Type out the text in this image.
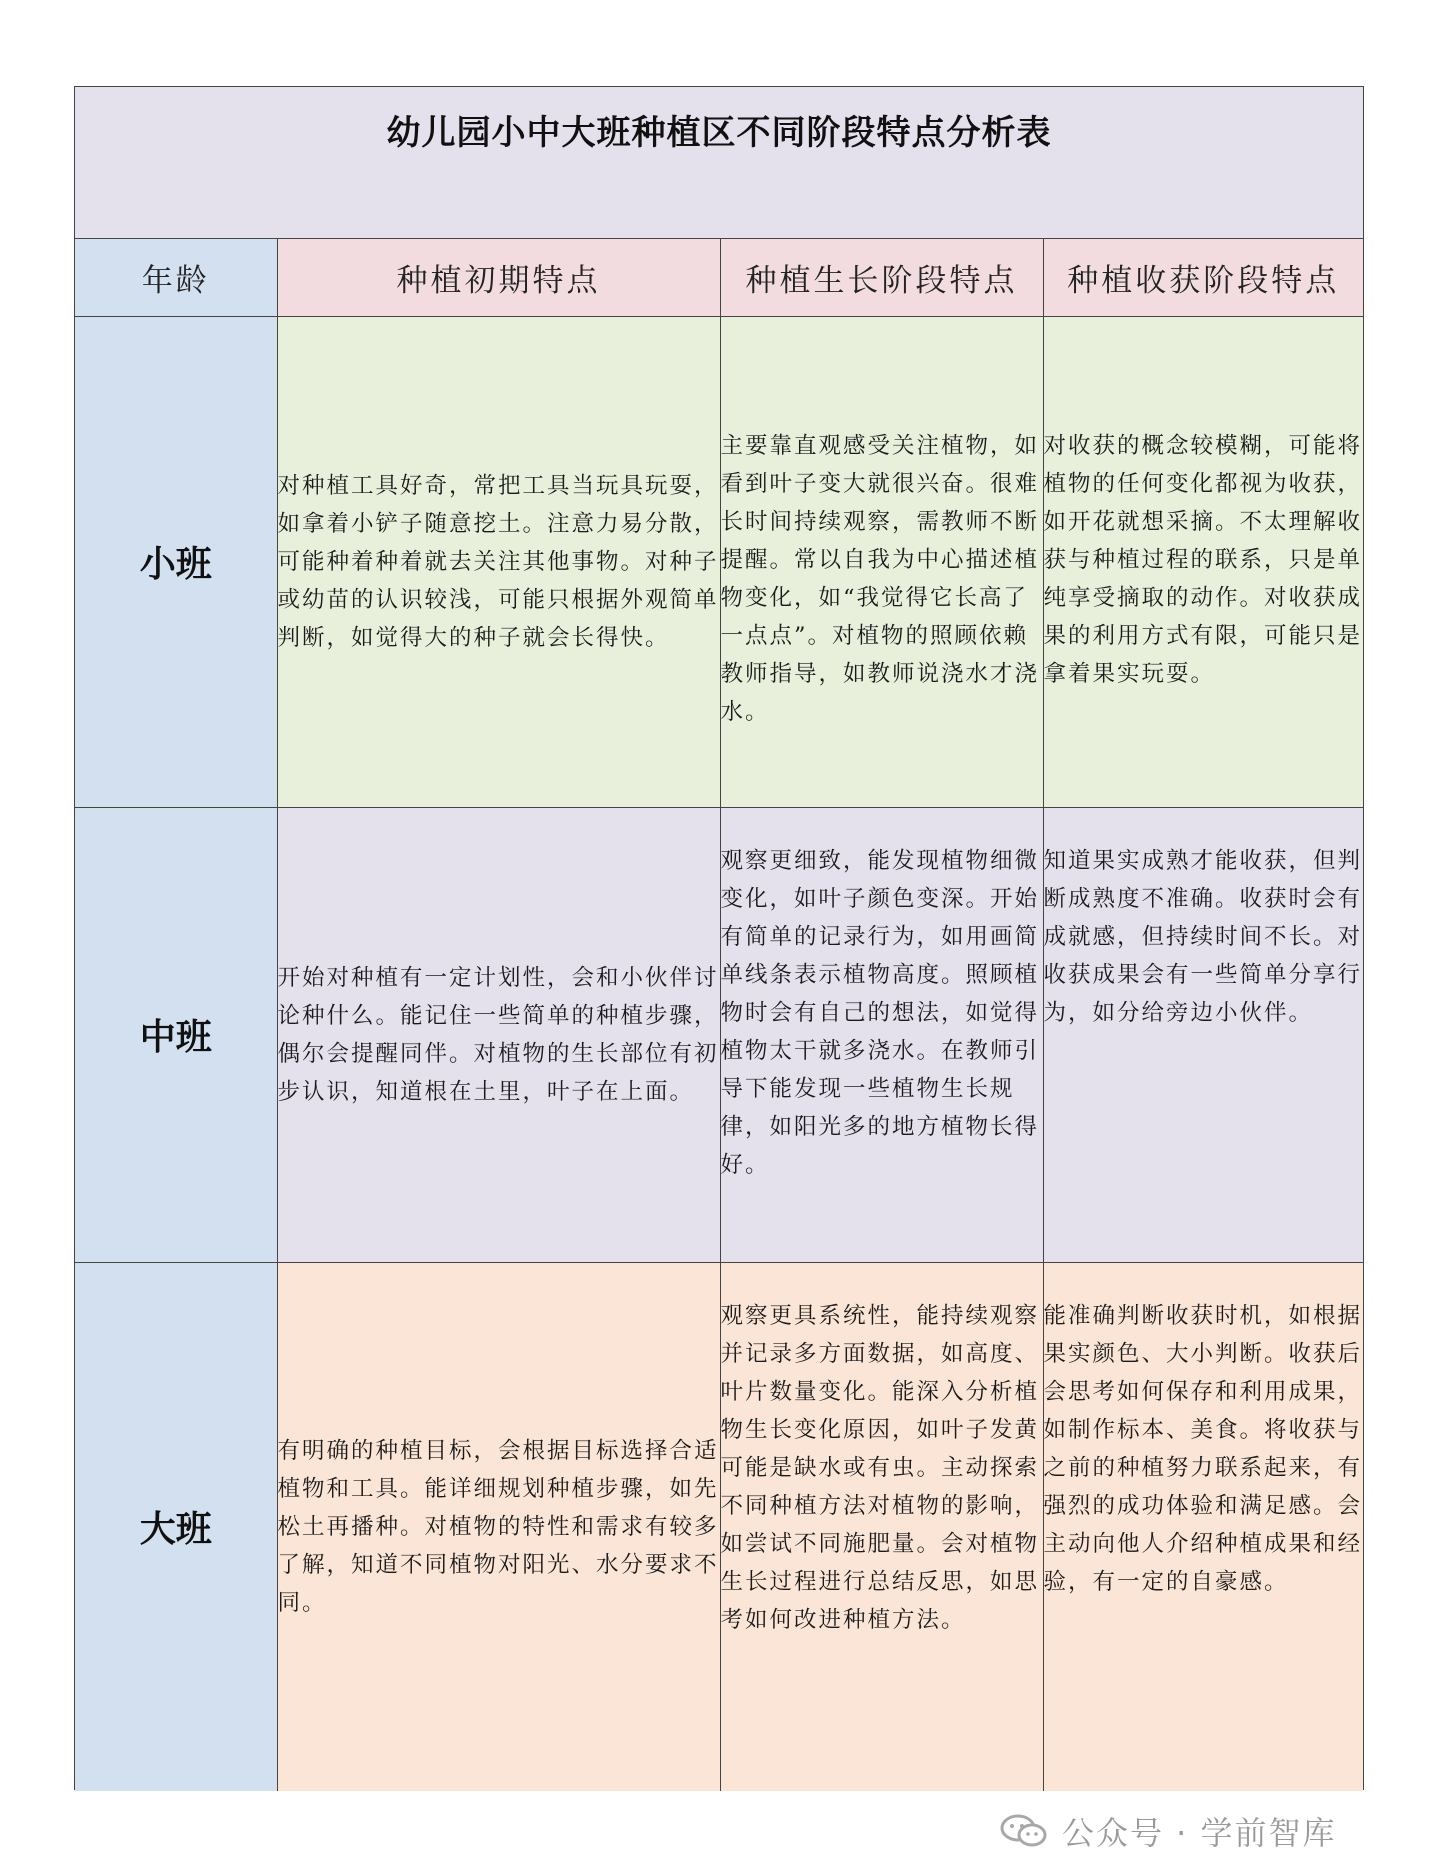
幼儿园小中大班种植区不同阶段特点分析表
年龄	种植初期特点	种植生长阶段特点	种植收获阶段特点
小班	对种植工具好奇，常把工具当玩具玩耍，如拿着小铲子随意挖土。注意力易分散，可能种着种着就去关注其他事物。对种子或幼苗的认识较浅，可能只根据外观简单判断，如觉得大的种子就会长得快。	主要靠直观感受关注植物，如看到叶子变大就很兴奋。很难长时间持续观察，需教师不断提醒。常以自我为中心描述植物变化，如“我觉得它长高了一点点”。对植物的照顾依赖教师指导，如教师说浇水才浇水。	对收获的概念较模糊，可能将植物的任何变化都视为收获，如开花就想采摘。不太理解收获与种植过程的联系，只是单纯享受摘取的动作。对收获成果的利用方式有限，可能只是拿着果实玩耍。
中班	开始对种植有一定计划性，会和小伙伴讨论种什么。能记住一些简单的种植步骤，偶尔会提醒同伴。对植物的生长部位有初步认识，知道根在土里，叶子在上面。	观察更细致，能发现植物细微变化，如叶子颜色变深。开始有简单的记录行为，如用画简单线条表示植物高度。照顾植物时会有自己的想法，如觉得植物太干就多浇水。在教师引导下能发现一些植物生长规律，如阳光多的地方植物长得好。	知道果实成熟才能收获，但判断成熟度不准确。收获时会有成就感，但持续时间不长。对收获成果会有一些简单分享行为，如分给旁边小伙伴。
大班	有明确的种植目标，会根据目标选择合适植物和工具。能详细规划种植步骤，如先松土再播种。对植物的特性和需求有较多了解，知道不同植物对阳光、水分要求不同。	观察更具系统性，能持续观察并记录多方面数据，如高度、叶片数量变化。能深入分析植物生长变化原因，如叶子发黄可能是缺水或有虫。主动探索不同种植方法对植物的影响，如尝试不同施肥量。会对植物生长过程进行总结反思，如思考如何改进种植方法。	能准确判断收获时机，如根据果实颜色、大小判断。收获后会思考如何保存和利用成果，如制作标本、美食。将收获与之前的种植努力联系起来，有强烈的成功体验和满足感。会主动向他人介绍种植成果和经验，有一定的自豪感。
公众号 · 学前智库
